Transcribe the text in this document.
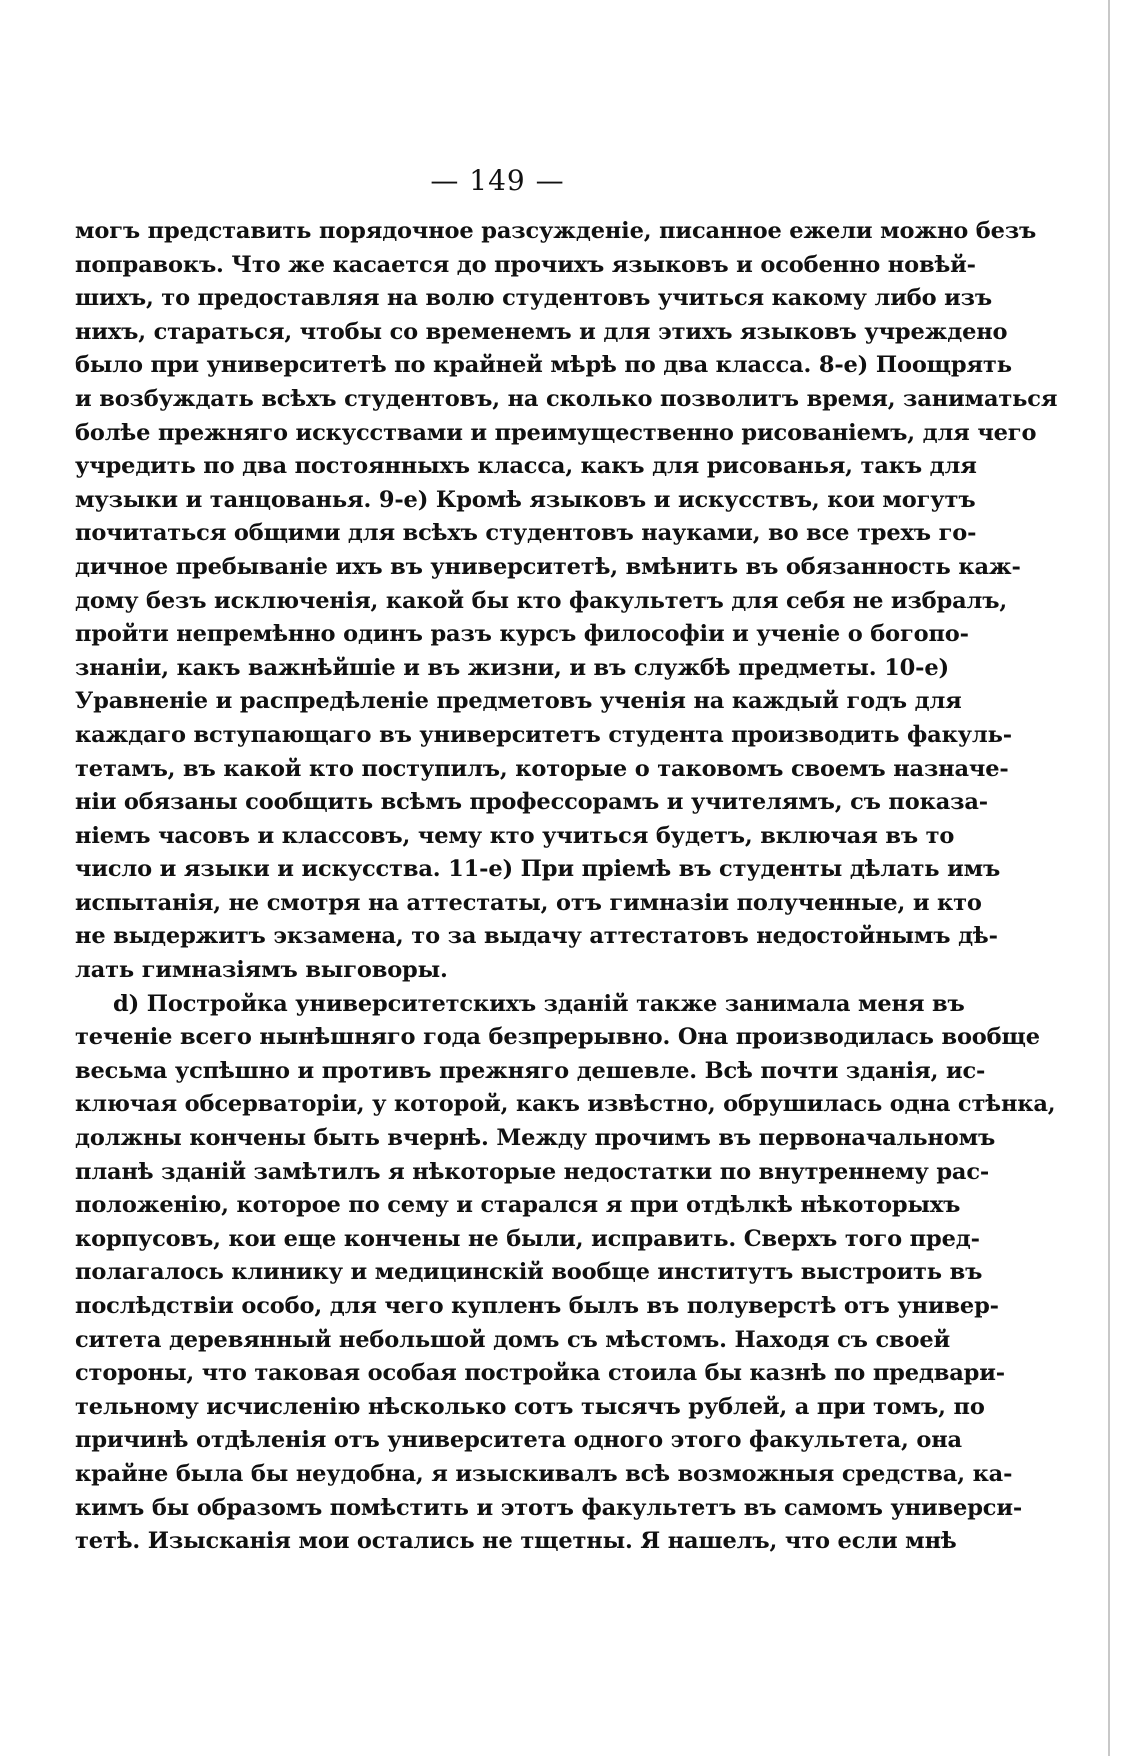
— 149 —
могъ представить порядочное разсужденіе, писанное ежели можно безъ
поправокъ. Что же касается до прочихъ языковъ и особенно новѣй-
шихъ, то предоставляя на волю студентовъ учиться какому либо изъ
нихъ, стараться, чтобы со временемъ и для этихъ языковъ учреждено
было при университетѣ по крайней мѣрѣ по два класса. 8-е) Поощрять
и возбуждать всѣхъ студентовъ, на сколько позволитъ время, заниматься
болѣе прежняго искусствами и преимущественно рисованіемъ, для чего
учредить по два постоянныхъ класса, какъ для рисованья, такъ для
музыки и танцованья. 9-е) Кромѣ языковъ и искусствъ, кои могутъ
почитаться общими для всѣхъ студентовъ науками, во все трехъ го-
дичное пребываніе ихъ въ университетѣ, вмѣнить въ обязанность каж-
дому безъ исключенія, какой бы кто факультетъ для себя не избралъ,
пройти непремѣнно одинъ разъ курсъ философіи и ученіе о богопо-
знаніи, какъ важнѣйшіе и въ жизни, и въ службѣ предметы. 10-е)
Уравненіе и распредѣленіе предметовъ ученія на каждый годъ для
каждаго вступающаго въ университетъ студента производить факуль-
тетамъ, въ какой кто поступилъ, которые о таковомъ своемъ назначе-
ніи обязаны сообщить всѣмъ профессорамъ и учителямъ, съ показа-
ніемъ часовъ и классовъ, чему кто учиться будетъ, включая въ то
число и языки и искусства. 11-е) При пріемѣ въ студенты дѣлать имъ
испытанія, не смотря на аттестаты, отъ гимназіи полученные, и кто
не выдержитъ экзамена, то за выдачу аттестатовъ недостойнымъ дѣ-
лать гимназіямъ выговоры.
d) Постройка университетскихъ зданій также занимала меня въ
теченіе всего нынѣшняго года безпрерывно. Она производилась вообще
весьма успѣшно и противъ прежняго дешевле. Всѣ почти зданія, ис-
ключая обсерваторіи, у которой, какъ извѣстно, обрушилась одна стѣнка,
должны кончены быть вчернѣ. Между прочимъ въ первоначальномъ
планѣ зданій замѣтилъ я нѣкоторые недостатки по внутреннему рас-
положенію, которое по сему и старался я при отдѣлкѣ нѣкоторыхъ
корпусовъ, кои еще кончены не были, исправить. Сверхъ того пред-
полагалось клинику и медицинскій вообще институтъ выстроить въ
послѣдствіи особо, для чего купленъ былъ въ полуверстѣ отъ универ-
ситета деревянный небольшой домъ съ мѣстомъ. Находя съ своей
стороны, что таковая особая постройка стоила бы казнѣ по предвари-
тельному исчисленію нѣсколько сотъ тысячъ рублей, а при томъ, по
причинѣ отдѣленія отъ университета одного этого факультета, она
крайне была бы неудобна, я изыскивалъ всѣ возможныя средства, ка-
кимъ бы образомъ помѣстить и этотъ факультетъ въ самомъ универси-
тетѣ. Изысканія мои остались не тщетны. Я нашелъ, что если мнѣ
